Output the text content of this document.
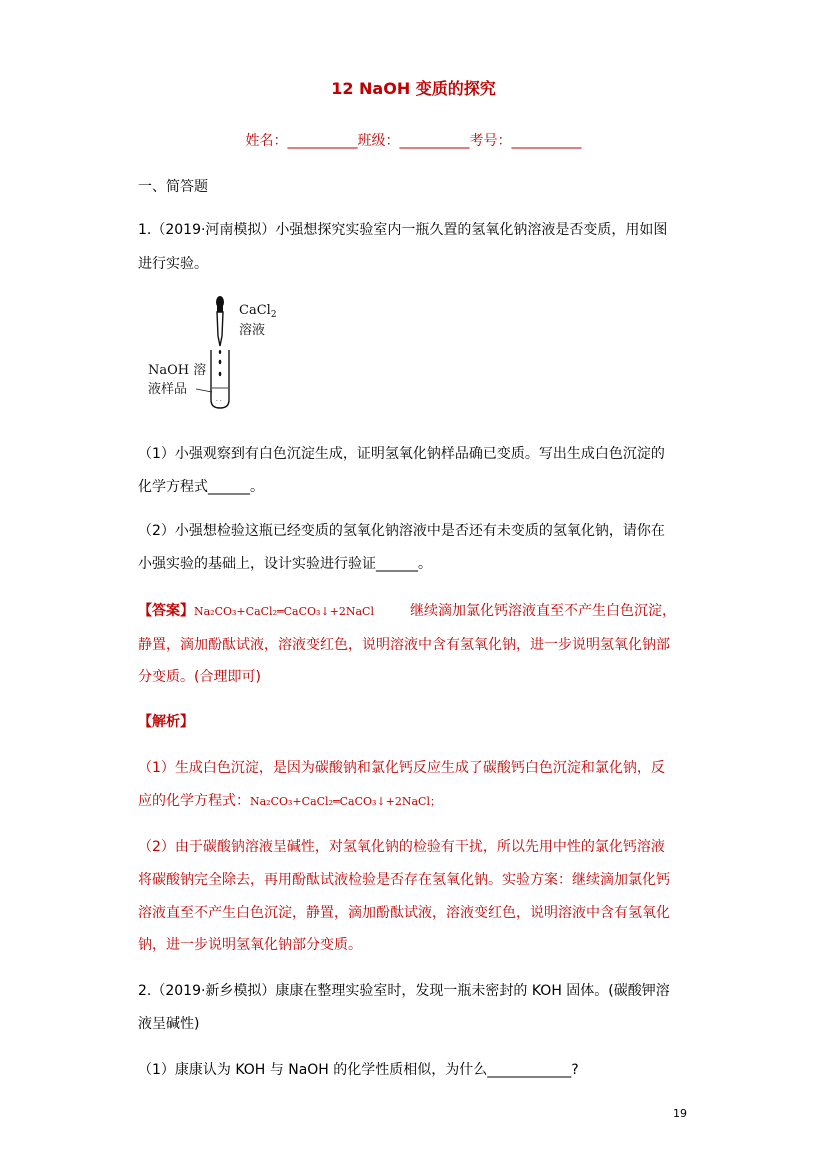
12 NaOH 变质的探究
姓名：__________班级：__________考号：__________
一、简答题
1.（2019·河南模拟）小强想探究实验室内一瓶久置的氢氧化钠溶液是否变质，用如图
进行实验。
· ·
CaCl$_2$
溶液
NaOH 溶
液样品
（1）小强观察到有白色沉淀生成，证明氢氧化钠样品确已变质。写出生成白色沉淀的
化学方程式______。
（2）小强想检验这瓶已经变质的氢氧化钠溶液中是否还有未变质的氢氧化钠，请你在
小强实验的基础上，设计实验进行验证______。
【答案】Na₂CO₃+CaCl₂═CaCO₃↓+2NaCl	继续滴加氯化钙溶液直至不产生白色沉淀，
静置，滴加酚酞试液，溶液变红色，说明溶液中含有氢氧化钠，进一步说明氢氧化钠部
分变质。(合理即可)
【解析】
（1）生成白色沉淀，是因为碳酸钠和氯化钙反应生成了碳酸钙白色沉淀和氯化钠，反
应的化学方程式：Na₂CO₃+CaCl₂═CaCO₃↓+2NaCl；
（2）由于碳酸钠溶液呈碱性，对氢氧化钠的检验有干扰，所以先用中性的氯化钙溶液
将碳酸钠完全除去，再用酚酞试液检验是否存在氢氧化钠。实验方案：继续滴加氯化钙
溶液直至不产生白色沉淀，静置，滴加酚酞试液，溶液变红色，说明溶液中含有氢氧化
钠，进一步说明氢氧化钠部分变质。
2.（2019·新乡模拟）康康在整理实验室时，发现一瓶未密封的 KOH 固体。(碳酸钾溶
液呈碱性)
（1）康康认为 KOH 与 NaOH 的化学性质相似，为什么____________?
19
